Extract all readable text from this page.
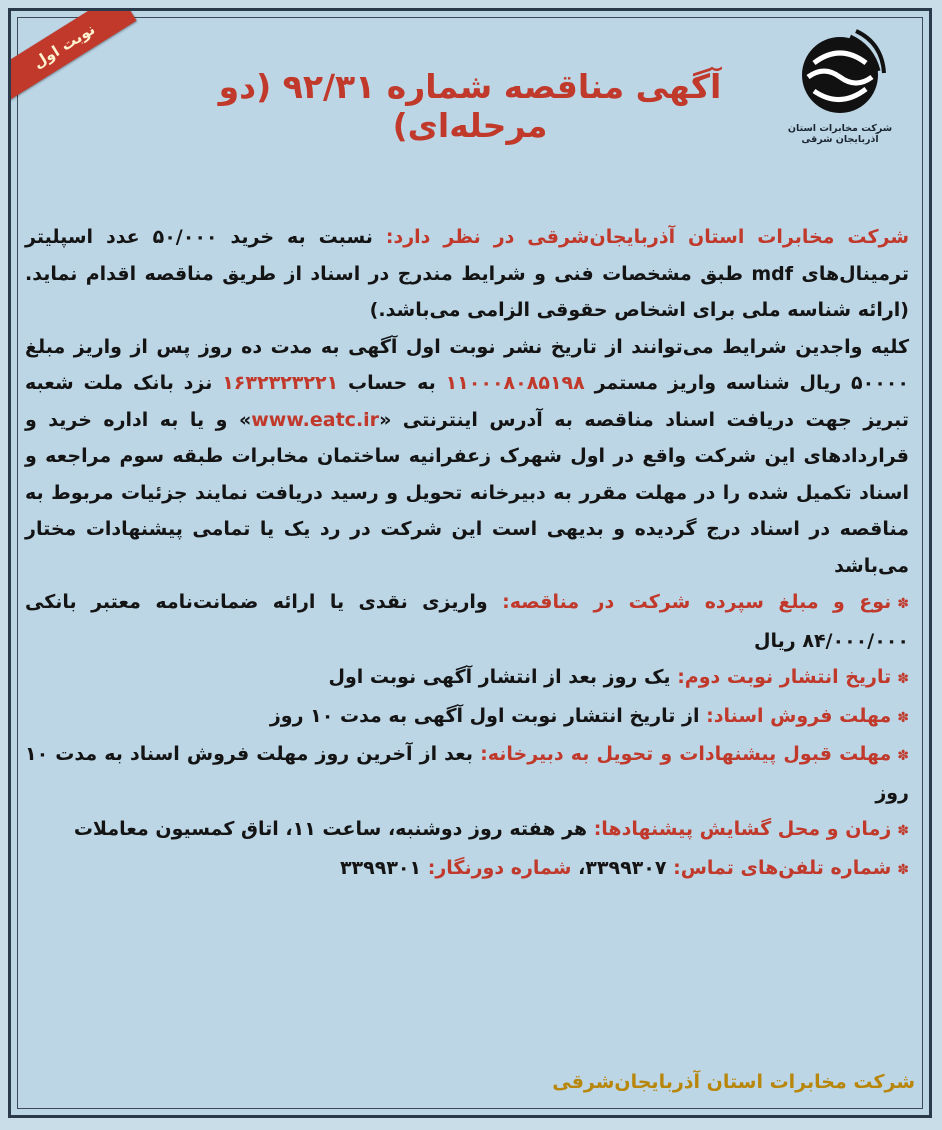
نوبت اول
شرکت مخابرات استان آذربایجان شرقی
آگهی مناقصه شماره ۹۲/۳۱ (دو مرحله‌ای)

شرکت مخابرات استان آذربایجان‌شرقی در نظر دارد: نسبت به خرید ۵۰/۰۰۰ عدد اسپلیتر ترمینال‌های mdf طبق مشخصات فنی و شرایط مندرج در اسناد از طریق مناقصه اقدام نماید. (ارائه شناسه ملی برای اشخاص حقوقی الزامی می‌باشد.)

کلیه واجدین شرایط می‌توانند از تاریخ نشر نوبت اول آگهی به مدت ده روز پس از واریز مبلغ ۵۰۰۰۰ ریال شناسه واریز مستمر ۱۱۰۰۰۸۰۸۵۱۹۸ به حساب ۱۶۳۲۳۲۳۲۲۱ نزد بانک ملت شعبه تبریز جهت دریافت اسناد مناقصه به آدرس اینترنتی «www.eatc.ir» و یا به اداره خرید و قراردادهای این شرکت واقع در اول شهرک زعفرانیه ساختمان مخابرات طبقه سوم مراجعه و اسناد تکمیل شده را در مهلت مقرر به دبیرخانه تحویل و رسید دریافت نمایند جزئیات مربوط به مناقصه در اسناد درج گردیده و بدیهی است این شرکت در رد یک یا تمامی پیشنهادات مختار می‌باشد

✽نوع و مبلغ سپرده شرکت در مناقصه: واریزی نقدی یا ارائه ضمانت‌نامه معتبر بانکی ۸۴/۰۰۰/۰۰۰ ریال

✽تاریخ انتشار نوبت دوم: یک روز بعد از انتشار آگهی نوبت اول

✽مهلت فروش اسناد: از تاریخ انتشار نوبت اول آگهی به مدت ۱۰ روز

✽مهلت قبول پیشنهادات و تحویل به دبیرخانه: بعد از آخرین روز مهلت فروش اسناد به مدت ۱۰ روز

✽زمان و محل گشایش پیشنهادها: هر هفته روز دوشنبه، ساعت ۱۱، اتاق کمسیون معاملات

✽شماره تلفن‌های تماس: ۳۳۹۹۳۰۷، شماره دورنگار: ۳۳۹۹۳۰۱

شرکت مخابرات استان آذربایجان‌شرقی
